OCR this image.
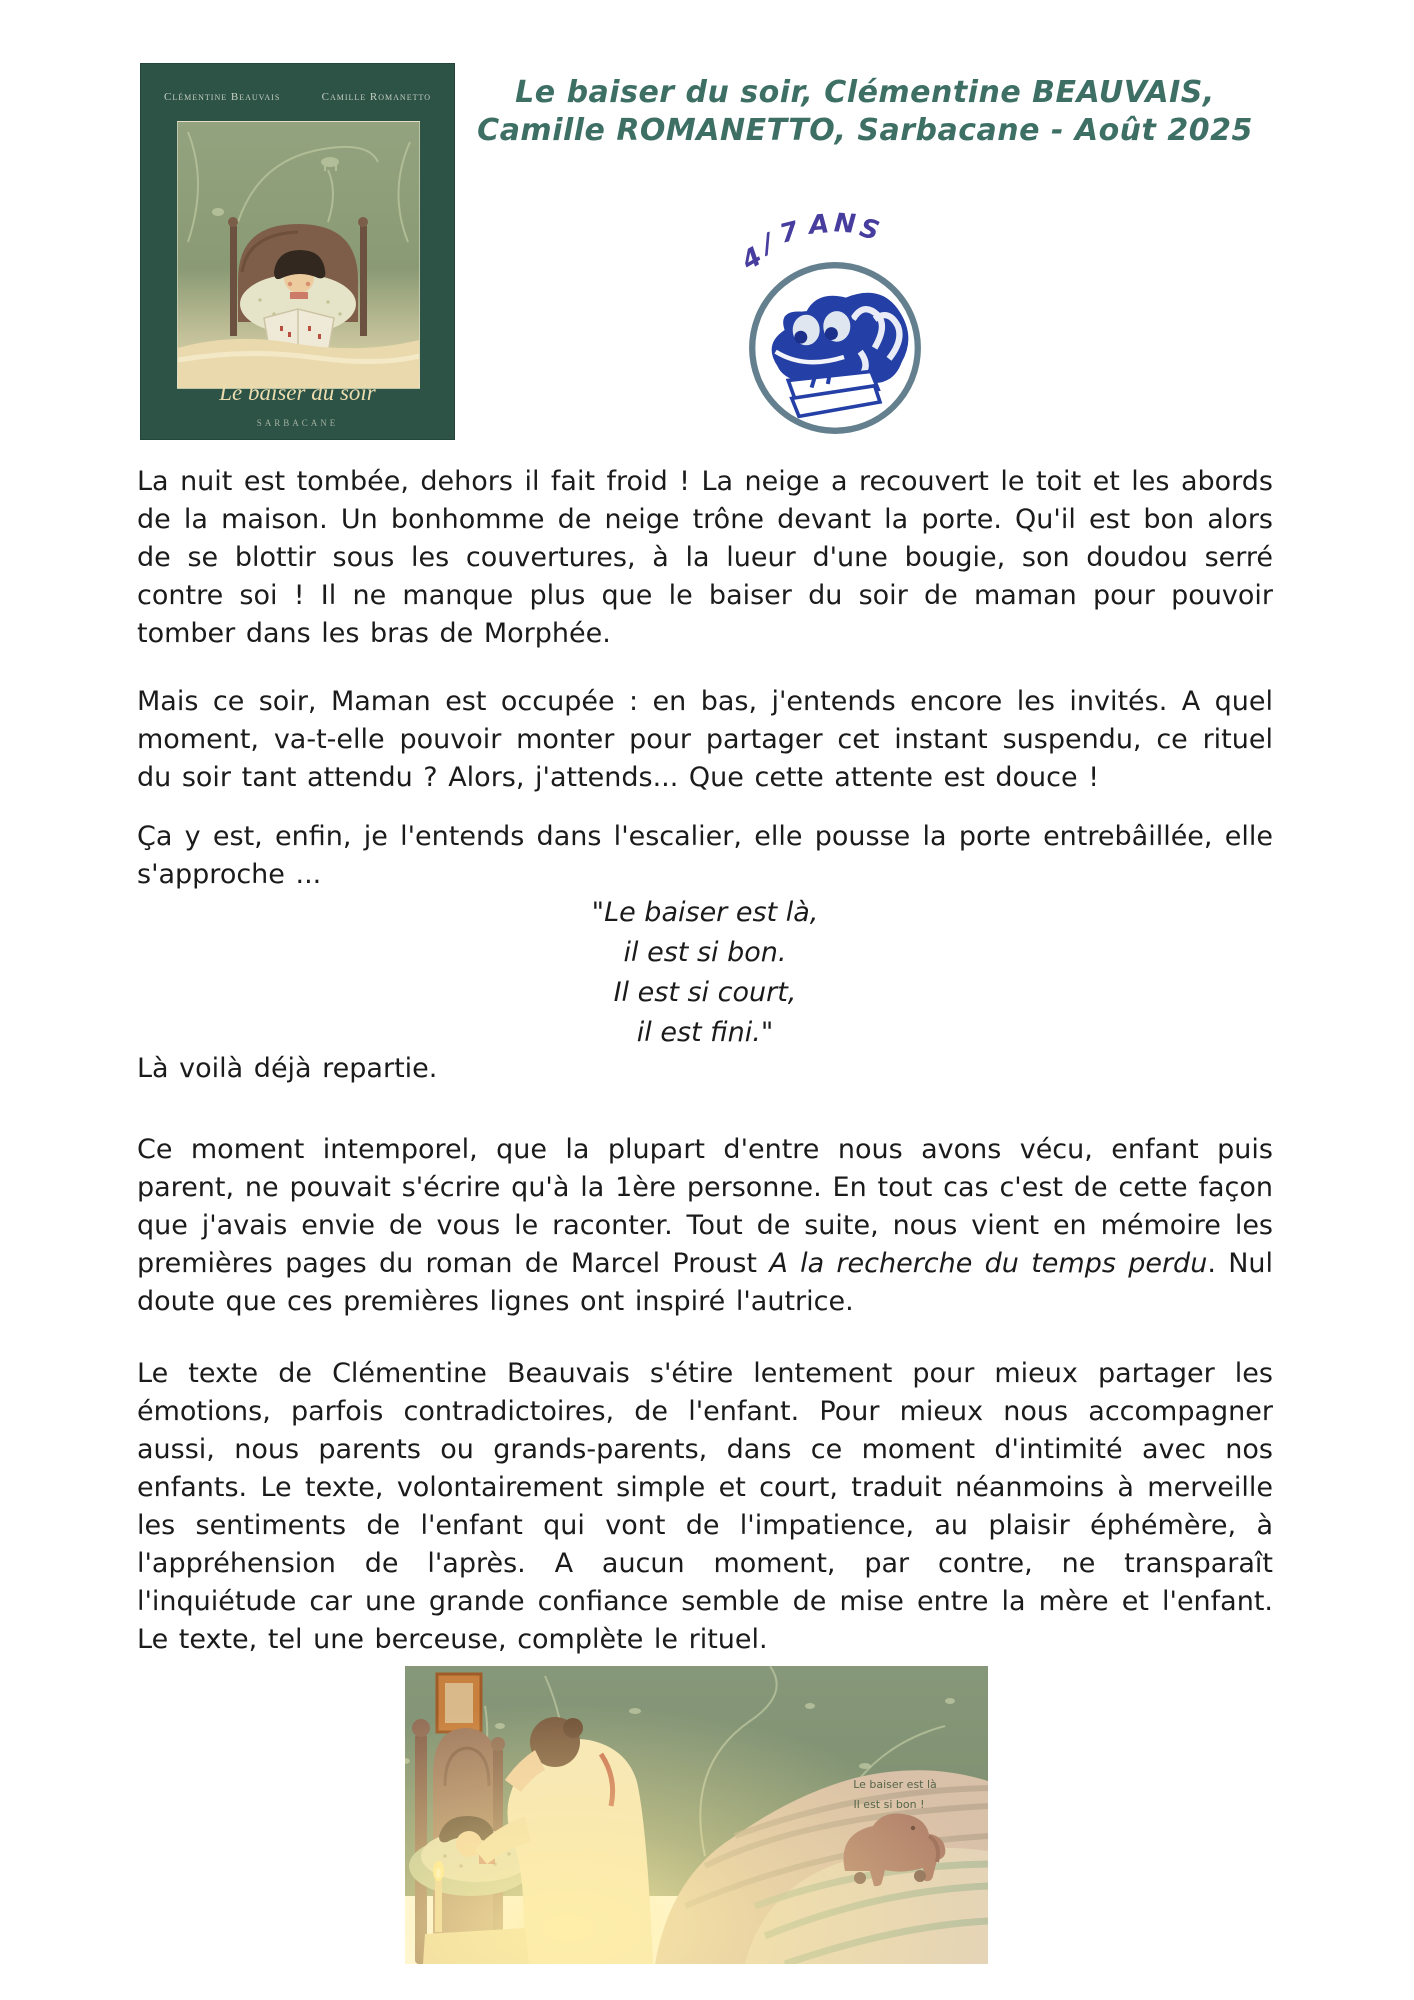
Clémentine Beauvais	Camille Romanetto
Le baiser du soir
SARBACANE
Le baiser du soir, Clémentine BEAUVAIS,
Camille ROMANETTO, Sarbacane - Août 2025
4
/
7 A N S
La nuit est tombée, dehors il fait froid ! La neige a recouvert le toit et les abords de la maison. Un bonhomme de neige trône devant la porte. Qu'il est bon alors de se blottir sous les couvertures, à la lueur d'une bougie, son doudou serré contre soi ! Il ne manque plus que le baiser du soir de maman pour pouvoir tomber dans les bras de Morphée.
Mais ce soir, Maman est occupée : en bas, j'entends encore les invités. A quel moment, va-t-elle pouvoir monter pour partager cet instant suspendu, ce rituel du soir tant attendu ? Alors, j'attends... Que cette attente est douce !
Ça y est, enfin, je l'entends dans l'escalier, elle pousse la porte entrebâillée, elle s'approche ...
"Le baiser est là,
il est si bon.
Il est si court,
il est fini."
Là voilà déjà repartie.
Ce moment intemporel, que la plupart d'entre nous avons vécu, enfant puis parent, ne pouvait s'écrire qu'à la 1ère personne. En tout cas c'est de cette façon que j'avais envie de vous le raconter. Tout de suite, nous vient en mémoire les premières pages du roman de Marcel Proust A la recherche du temps perdu. Nul doute que ces premières lignes ont inspiré l'autrice.
Le texte de Clémentine Beauvais s'étire lentement pour mieux partager les émotions, parfois contradictoires, de l'enfant. Pour mieux nous accompagner aussi, nous parents ou grands-parents, dans ce moment d'intimité avec nos enfants. Le texte, volontairement simple et court, traduit néanmoins à merveille les sentiments de l'enfant qui vont de l'impatience, au plaisir éphémère, à l'appréhension de l'après. A aucun moment, par contre, ne transparaît l'inquiétude car une grande confiance semble de mise entre la mère et l'enfant. Le texte, tel une berceuse, complète le rituel.
Le baiser est là
Il est si bon !
